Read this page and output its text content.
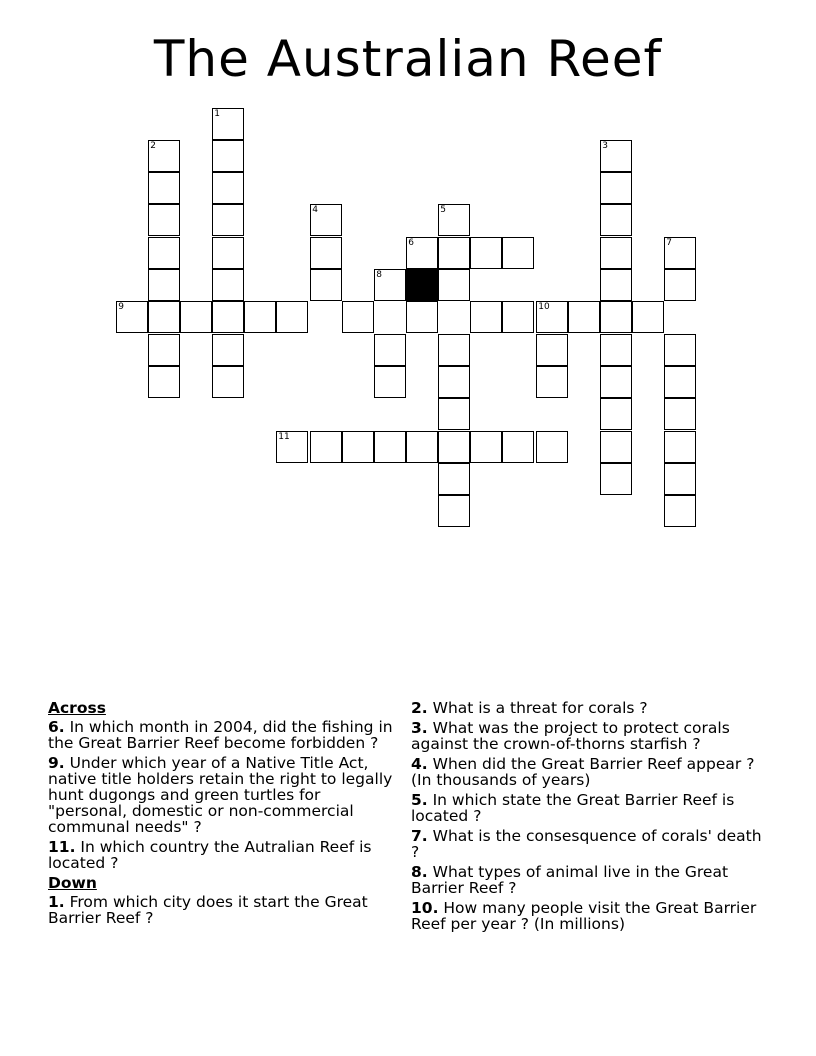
The Australian Reef
1
2	3
4	5
6	7
8
9	10
11
Across
6. In which month in 2004, did the fishing in the Great Barrier Reef become forbidden ?
9. Under which year of a Native Title Act, native title holders retain the right to legally hunt dugongs and green turtles for "personal, domestic or non-commercial communal needs" ?
11. In which country the Autralian Reef is located ?
Down
1. From which city does it start the Great Barrier Reef ?
2. What is a threat for corals ?
3. What was the project to protect corals against the crown-of-thorns starfish ?
4. When did the Great Barrier Reef appear ? (In thousands of years)
5. In which state the Great Barrier Reef is located ?
7. What is the consesquence of corals' death ?
8. What types of animal live in the Great Barrier Reef ?
10. How many people visit the Great Barrier Reef per year ? (In millions)
